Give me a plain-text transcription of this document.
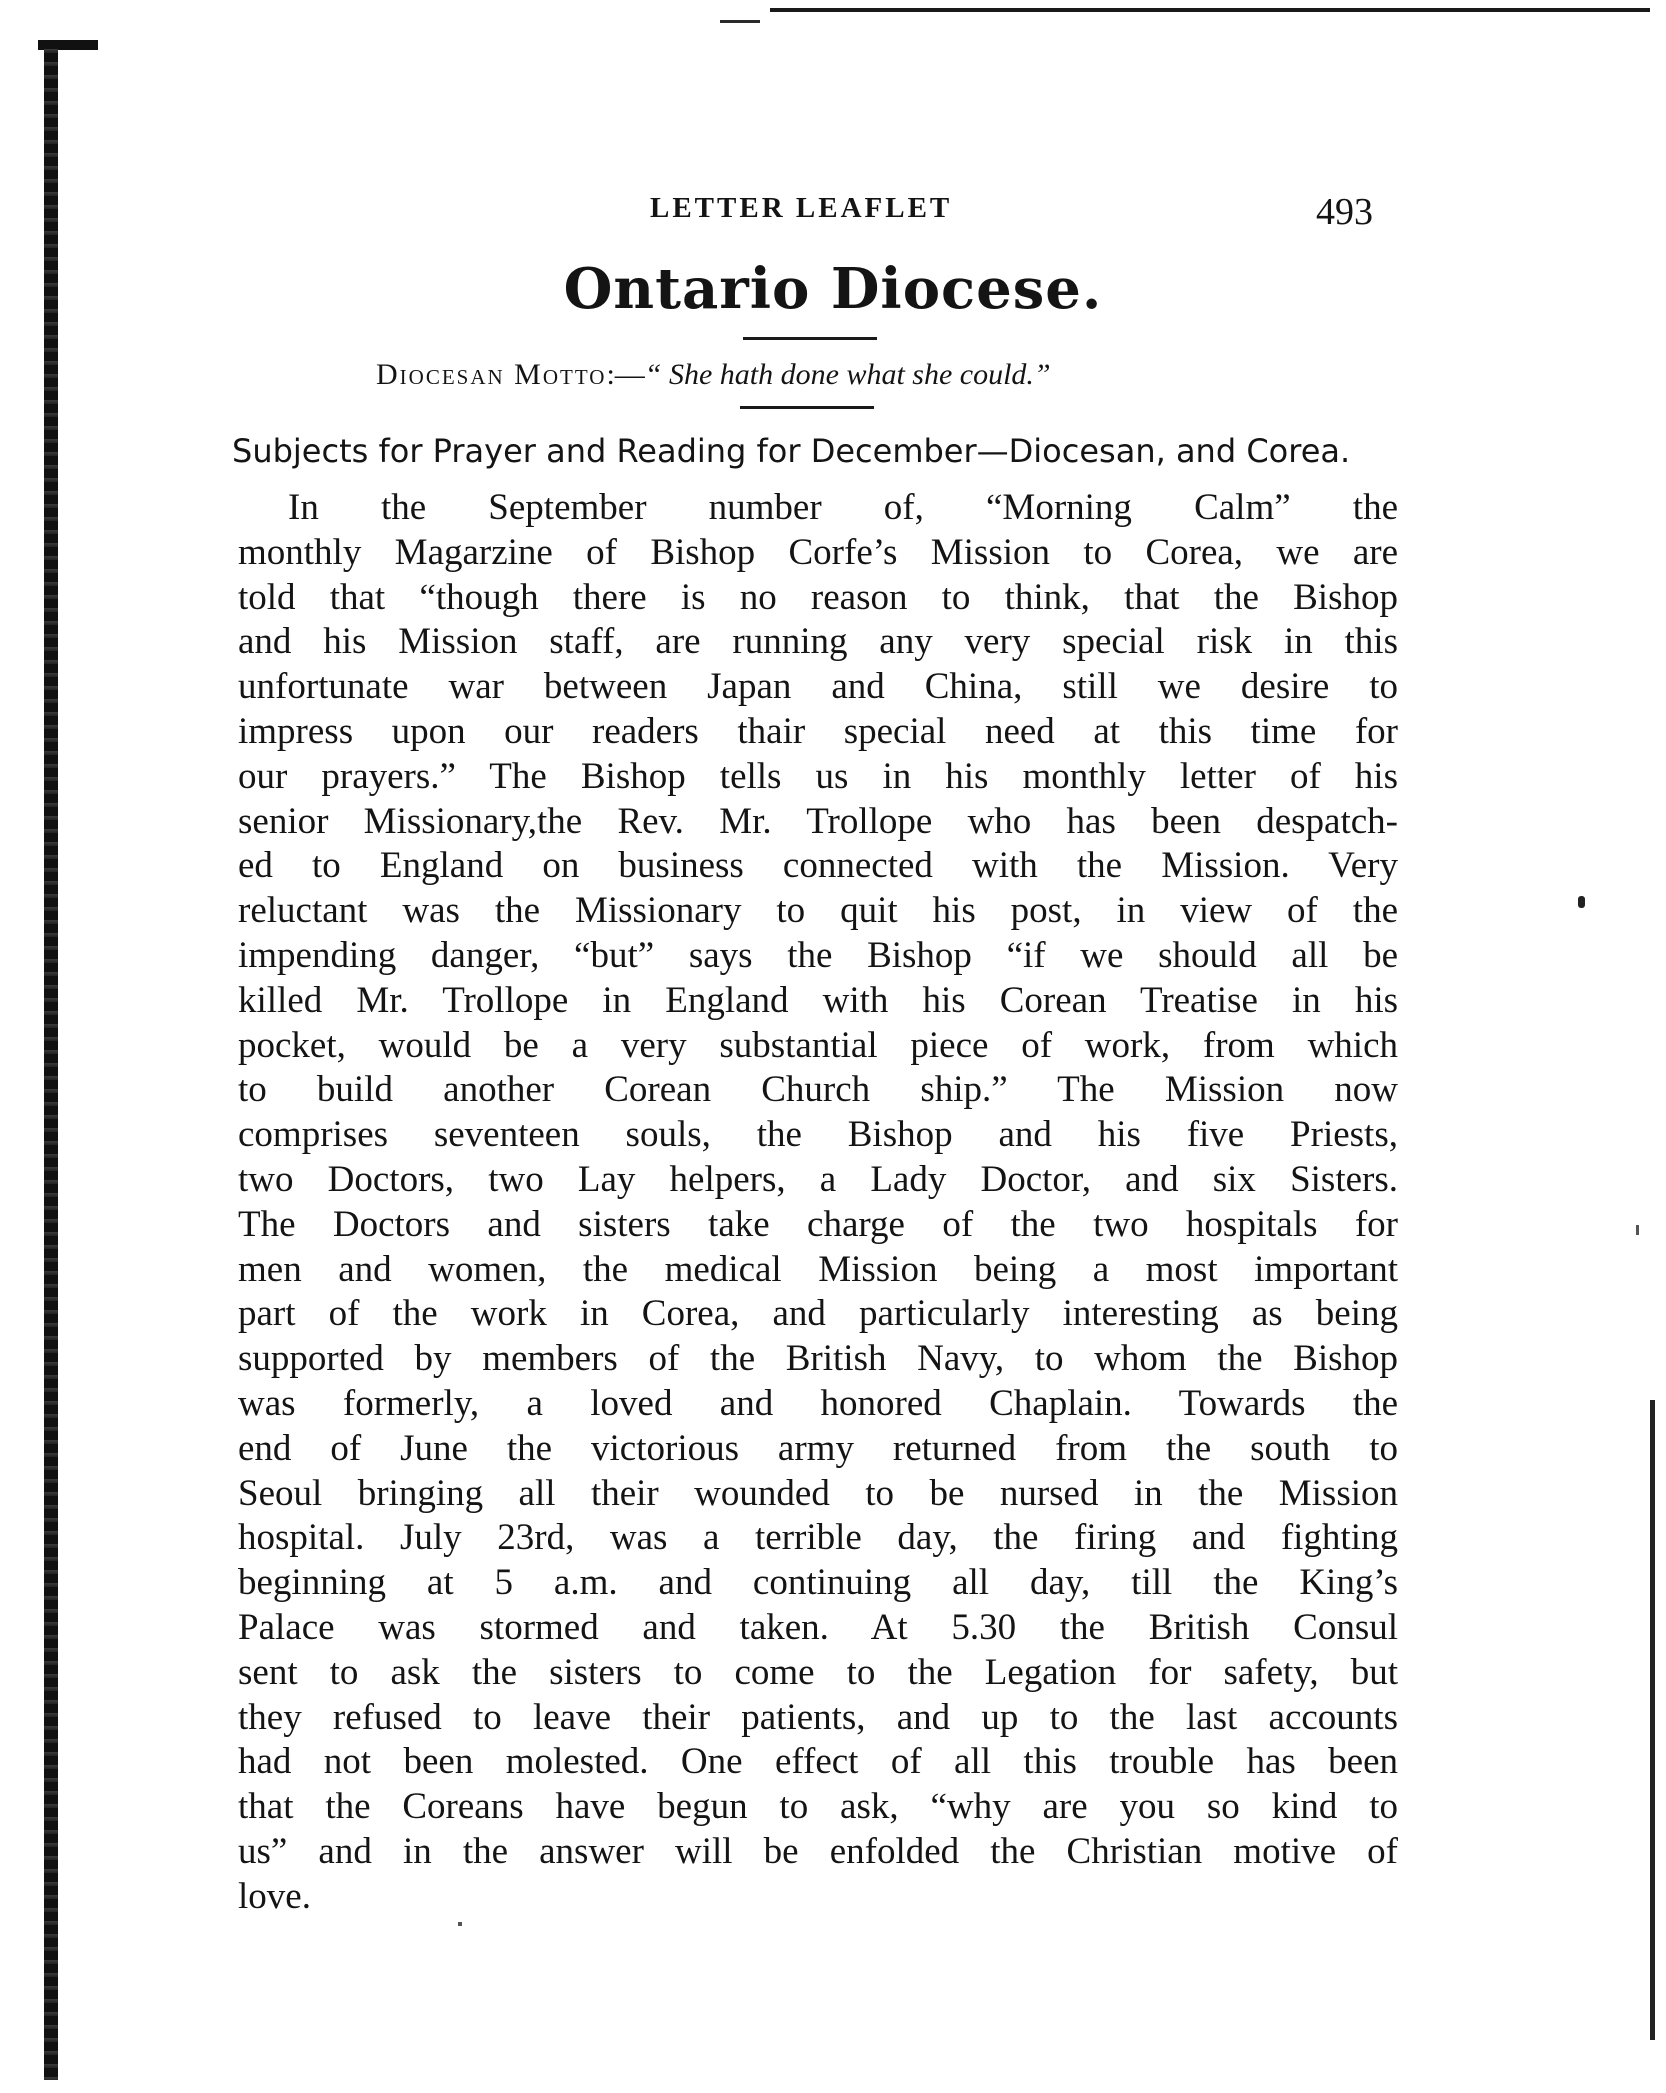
LETTER LEAFLET	493
Ontario Diocese.
Diocesan Motto:—“ She hath done what she could.”
Subjects for Prayer and Reading for December—Diocesan, and Corea.
In the September number of, “Morning Calm” the
monthly Magarzine of Bishop Corfe’s Mission to Corea, we are
told that “though there is no reason to think, that the Bishop
and his Mission staff, are running any very special risk in this
unfortunate war between Japan and China, still we desire to
impress upon our readers thair special need at this time for
our prayers.” The Bishop tells us in his monthly letter of his
senior Missionary,the Rev. Mr. Trollope who has been despatch-
ed to England on business connected with the Mission. Very
reluctant was the Missionary to quit his post, in view of the
impending danger, “but” says the Bishop “if we should all be
killed Mr. Trollope in England with his Corean Treatise in his
pocket, would be a very substantial piece of work, from which
to build another Corean Church ship.” The Mission now
comprises seventeen souls, the Bishop and his five Priests,
two Doctors, two Lay helpers, a Lady Doctor, and six Sisters.
The Doctors and sisters take charge of the two hospitals for
men and women, the medical Mission being a most important
part of the work in Corea, and particularly interesting as being
supported by members of the British Navy, to whom the Bishop
was formerly, a loved and honored Chaplain. Towards the
end of June the victorious army returned from the south to
Seoul bringing all their wounded to be nursed in the Mission
hospital. July 23rd, was a terrible day, the firing and fighting
beginning at 5 a.m. and continuing all day, till the King’s
Palace was stormed and taken. At 5.30 the British Consul
sent to ask the sisters to come to the Legation for safety, but
they refused to leave their patients, and up to the last accounts
had not been molested. One effect of all this trouble has been
that the Coreans have begun to ask, “why are you so kind to
us” and in the answer will be enfolded the Christian motive of
love.
